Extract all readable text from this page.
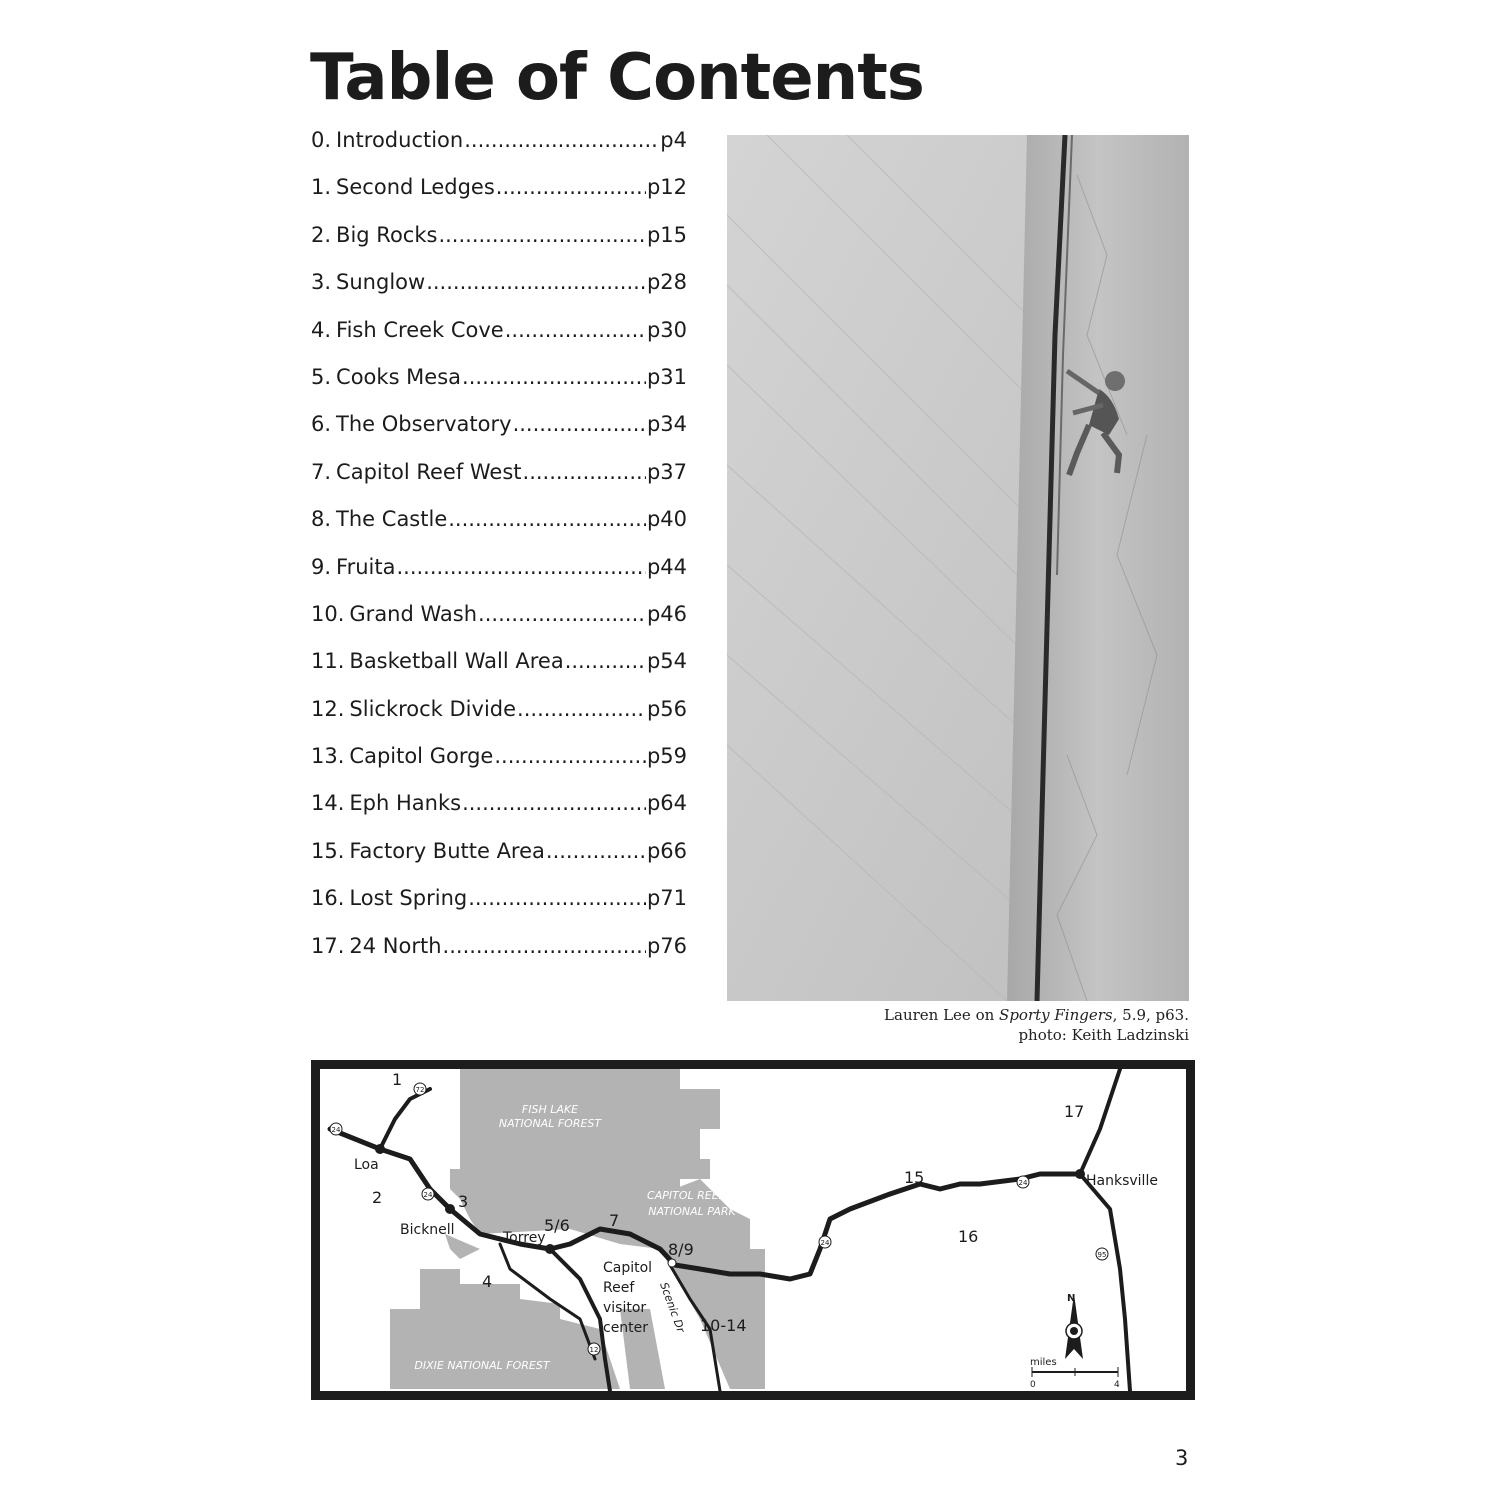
Table of Contents
0. Introduction .....	p4
1. Second Ledges .....	p12
2. Big Rocks .....	p15
3. Sunglow .....	p28
4. Fish Creek Cove .....	p30
5. Cooks Mesa .....	p31
6. The Observatory .....	p34
7. Capitol Reef West .....	p37
8. The Castle .....	p40
9. Fruita .....	p44
10. Grand Wash .....	p46
11. Basketball Wall Area .....	p54
12. Slickrock Divide .....	p56
13. Capitol Gorge .....	p59
14. Eph Hanks .....	p64
15. Factory Butte Area .....	p66
16. Lost Spring .....	p71
17. 24 North .....	p76
Lauren Lee on Sporty Fingers, 5.9, p63.
photo: Keith Ladzinski
FISH LAKE
NATIONAL FOREST
CAPITOL REEF
NATIONAL PARK
DIXIE NATIONAL FOREST
72
24
24
24
24
12
95
Loa
Bicknell	Torrey
Hanksville
Capitol
Reef
visitor
center Scenic Dr
1
2	3
4
5/6 7
8/9
10-14
15
16
17
N
miles
0	4
3
